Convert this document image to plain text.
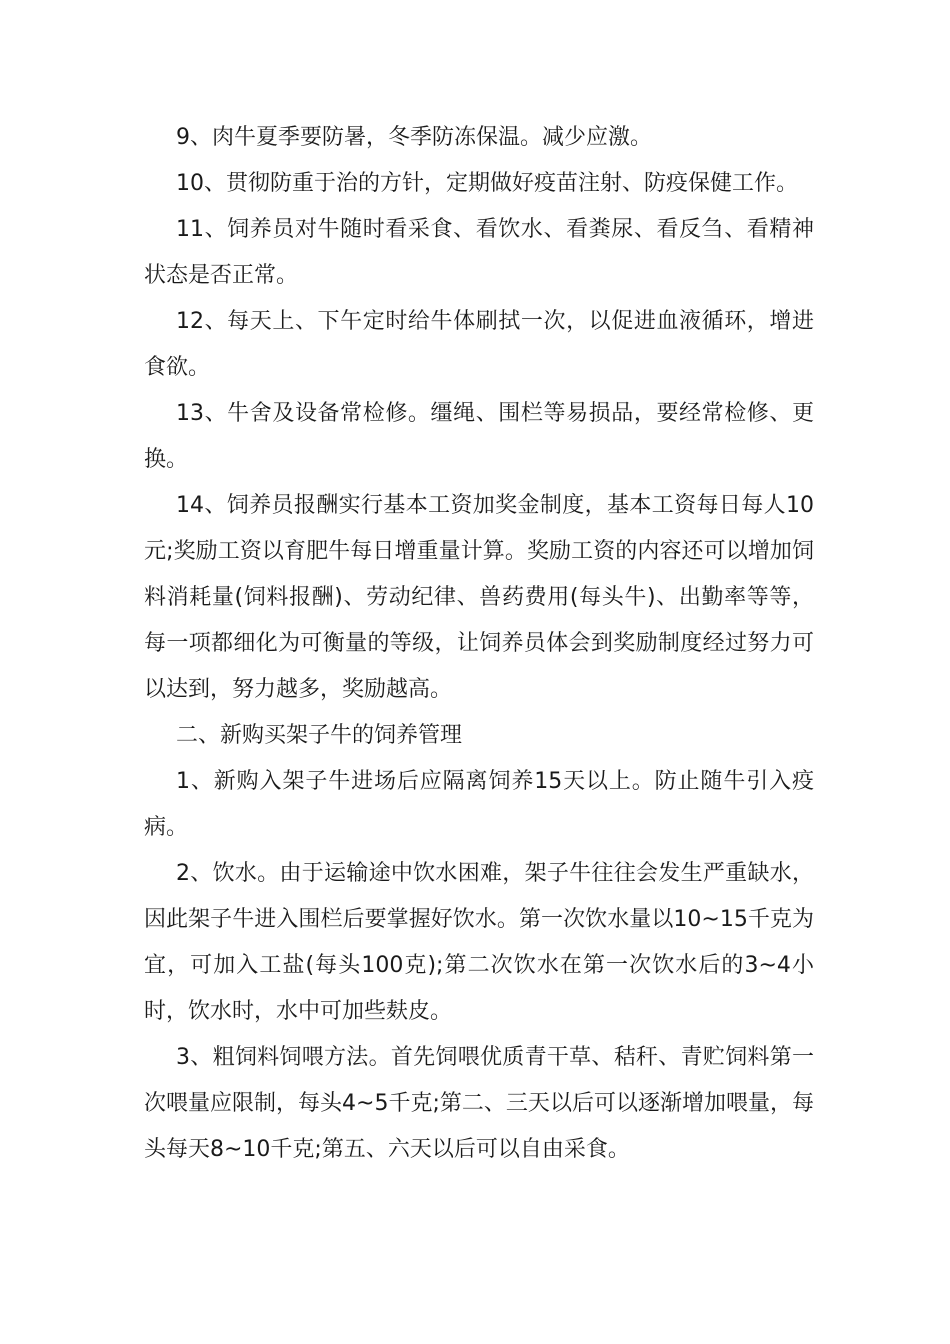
9、肉牛夏季要防暑，冬季防冻保温。减少应激。

10、贯彻防重于治的方针，定期做好疫苗注射、防疫保健工作。

11、饲养员对牛随时看采食、看饮水、看粪尿、看反刍、看精神状态是否正常。

12、每天上、下午定时给牛体刷拭一次，以促进血液循环，增进食欲。

13、牛舍及设备常检修。缰绳、围栏等易损品，要经常检修、更换。

14、饲养员报酬实行基本工资加奖金制度，基本工资每日每人10元;奖励工资以育肥牛每日增重量计算。奖励工资的内容还可以增加饲料消耗量(饲料报酬)、劳动纪律、兽药费用(每头牛)、出勤率等等，每一项都细化为可衡量的等级，让饲养员体会到奖励制度经过努力可以达到，努力越多，奖励越高。

二、新购买架子牛的饲养管理

1、新购入架子牛进场后应隔离饲养15天以上。防止随牛引入疫病。

2、饮水。由于运输途中饮水困难，架子牛往往会发生严重缺水，因此架子牛进入围栏后要掌握好饮水。第一次饮水量以10~15千克为宜，可加入工盐(每头100克);第二次饮水在第一次饮水后的3~4小时，饮水时，水中可加些麸皮。

3、粗饲料饲喂方法。首先饲喂优质青干草、秸秆、青贮饲料第一次喂量应限制，每头4~5千克;第二、三天以后可以逐渐增加喂量，每头每天8~10千克;第五、六天以后可以自由采食。
